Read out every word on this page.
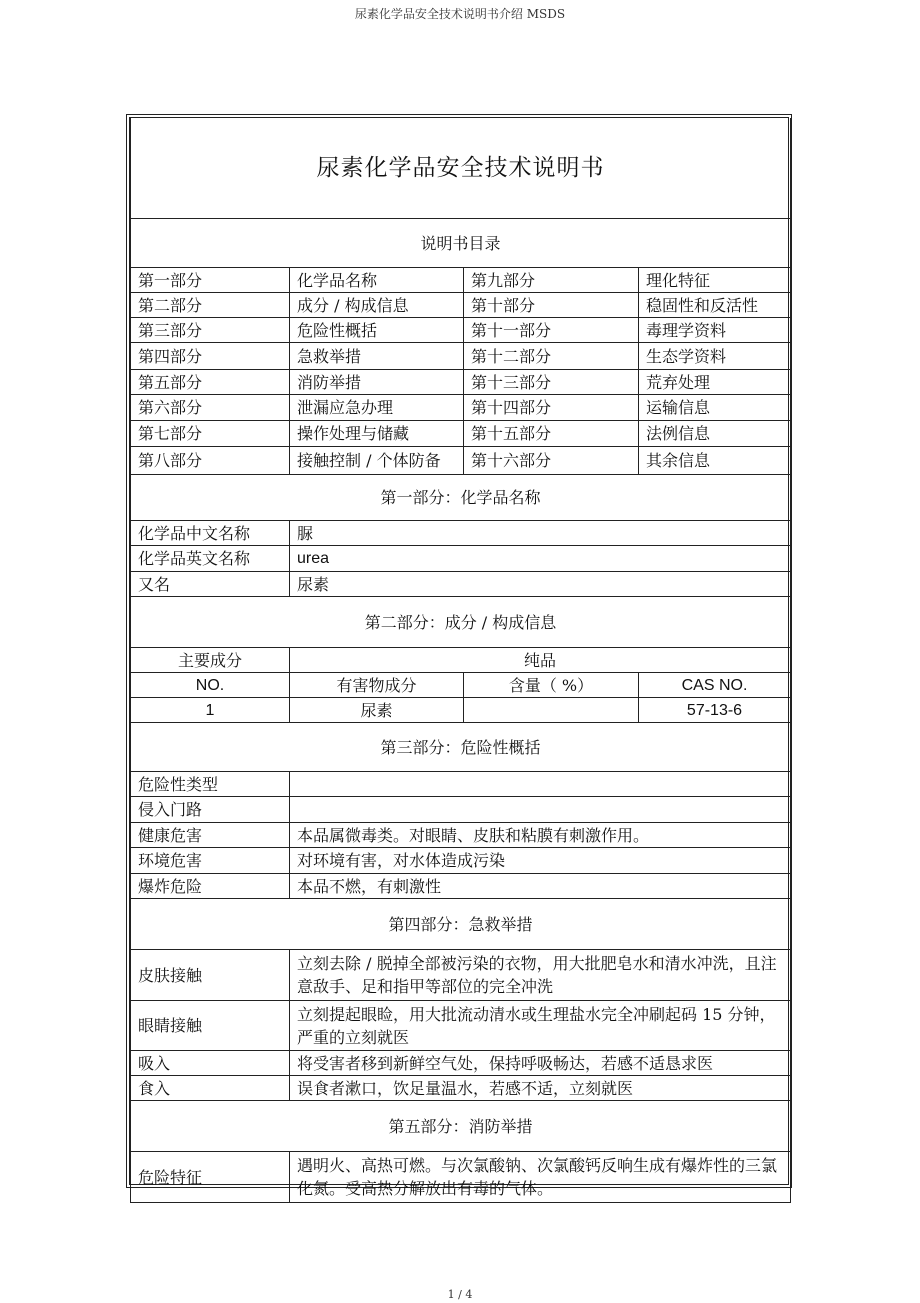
尿素化学品安全技术说明书介绍 MSDS
尿素化学品安全技术说明书			
说明书目录			
第一部分	化学品名称	第九部分	理化特征
第二部分	成分 / 构成信息	第十部分	稳固性和反活性
第三部分	危险性概括	第十一部分	毒理学资料
第四部分	急救举措	第十二部分	生态学资料
第五部分	消防举措	第十三部分	荒弃处理
第六部分	泄漏应急办理	第十四部分	运输信息
第七部分	操作处理与储藏	第十五部分	法例信息
第八部分	接触控制 / 个体防备	第十六部分	其余信息
第一部分：化学品名称			
化学品中文名称	脲		
化学品英文名称	urea		
又名	尿素		
第二部分：成分 / 构成信息			
主要成分	纯品		
NO.	有害物成分	含量（ %）	CAS NO.
1	尿素		57-13-6
第三部分：危险性概括			
危险性类型			
侵入门路			
健康危害	本品属微毒类。对眼睛、皮肤和粘膜有刺激作用。		
环境危害	对环境有害，对水体造成污染		
爆炸危险	本品不燃，有刺激性		
第四部分：急救举措			
皮肤接触	立刻去除 / 脱掉全部被污染的衣物，用大批肥皂水和清水冲洗，且注意敌手、足和指甲等部位的完全冲洗		
眼睛接触	立刻提起眼睑，用大批流动清水或生理盐水完全冲刷起码 15 分钟，严重的立刻就医		
吸入	将受害者移到新鲜空气处，保持呼吸畅达，若感不适恳求医		
食入	误食者漱口，饮足量温水，若感不适，立刻就医		
第五部分：消防举措			
危险特征	遇明火、高热可燃。与次氯酸钠、次氯酸钙反响生成有爆炸性的三氯化氮。受高热分解放出有毒的气体。		
1 / 4
